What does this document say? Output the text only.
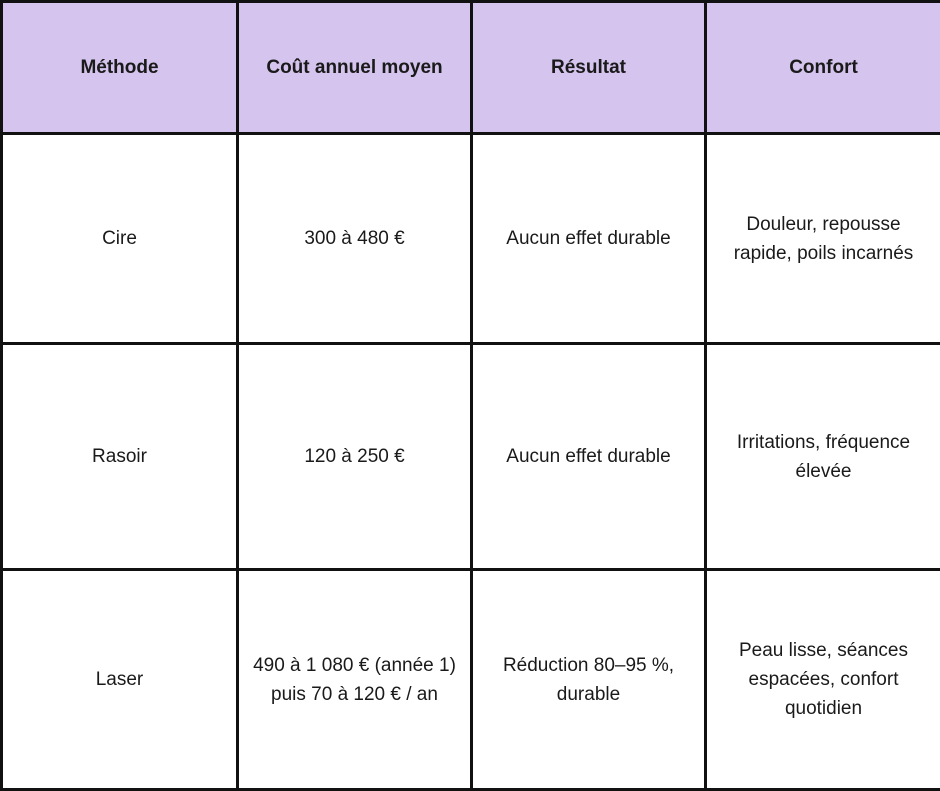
Méthode	Coût annuel moyen	Résultat	Confort
Cire	300 à 480 €	Aucun effet durable	Douleur, repousse rapide, poils incarnés
Rasoir	120 à 250 €	Aucun effet durable	Irritations, fréquence élevée
Laser	490 à 1 080 € (année 1) puis 70 à 120 € / an	Réduction 80–95 %, durable	Peau lisse, séances espacées, confort quotidien
